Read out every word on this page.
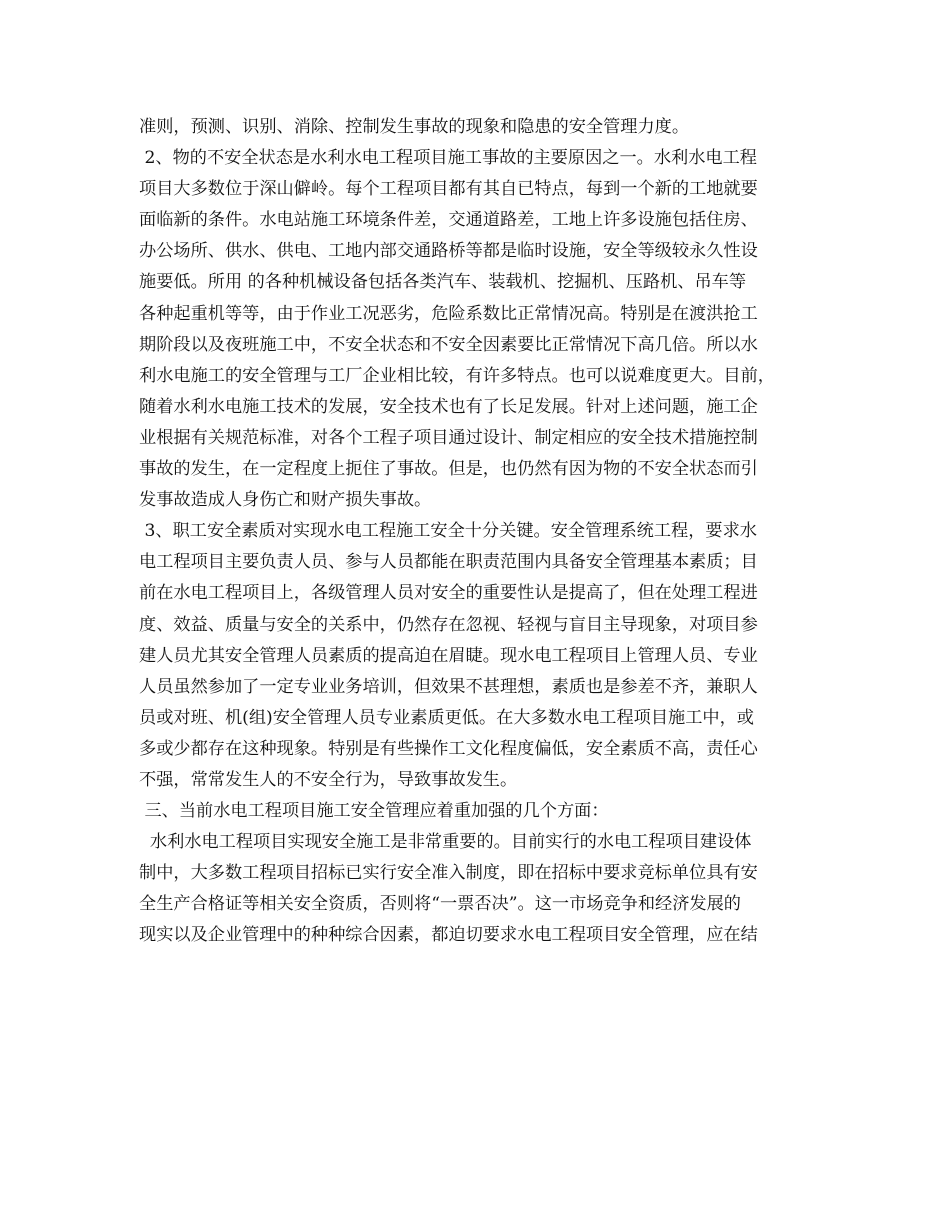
准则，预测、识别、消除、控制发生事故的现象和隐患的安全管理力度。
2、物的不安全状态是水利水电工程项目施工事故的主要原因之一。水利水电工程
项目大多数位于深山僻岭。每个工程项目都有其自已特点，每到一个新的工地就要
面临新的条件。水电站施工环境条件差，交通道路差，工地上许多设施包括住房、
办公场所、供水、供电、工地内部交通路桥等都是临时设施，安全等级较永久性设
施要低。所用 的各种机械设备包括各类汽车、装载机、挖掘机、压路机、吊车等
各种起重机等等，由于作业工况恶劣，危险系数比正常情况高。特别是在渡洪抢工
期阶段以及夜班施工中，不安全状态和不安全因素要比正常情况下高几倍。所以水
利水电施工的安全管理与工厂企业相比较，有许多特点。也可以说难度更大。目前，
随着水利水电施工技术的发展，安全技术也有了长足发展。针对上述问题，施工企
业根据有关规范标准，对各个工程子项目通过设计、制定相应的安全技术措施控制
事故的发生，在一定程度上扼住了事故。但是，也仍然有因为物的不安全状态而引
发事故造成人身伤亡和财产损失事故。
3、职工安全素质对实现水电工程施工安全十分关键。安全管理系统工程，要求水
电工程项目主要负责人员、参与人员都能在职责范围内具备安全管理基本素质；目
前在水电工程项目上，各级管理人员对安全的重要性认是提高了，但在处理工程进
度、效益、质量与安全的关系中，仍然存在忽视、轻视与盲目主导现象，对项目参
建人员尤其安全管理人员素质的提高迫在眉睫。现水电工程项目上管理人员、专业
人员虽然参加了一定专业业务培训，但效果不甚理想，素质也是参差不齐，兼职人
员或对班、机(组)安全管理人员专业素质更低。在大多数水电工程项目施工中，或
多或少都存在这种现象。特别是有些操作工文化程度偏低，安全素质不高，责任心
不强，常常发生人的不安全行为，导致事故发生。
三、当前水电工程项目施工安全管理应着重加强的几个方面：
水利水电工程项目实现安全施工是非常重要的。目前实行的水电工程项目建设体
制中，大多数工程项目招标已实行安全准入制度，即在招标中要求竞标单位具有安
全生产合格证等相关安全资质，否则将“一票否决”。这一市场竞争和经济发展的
现实以及企业管理中的种种综合因素，都迫切要求水电工程项目安全管理，应在结
